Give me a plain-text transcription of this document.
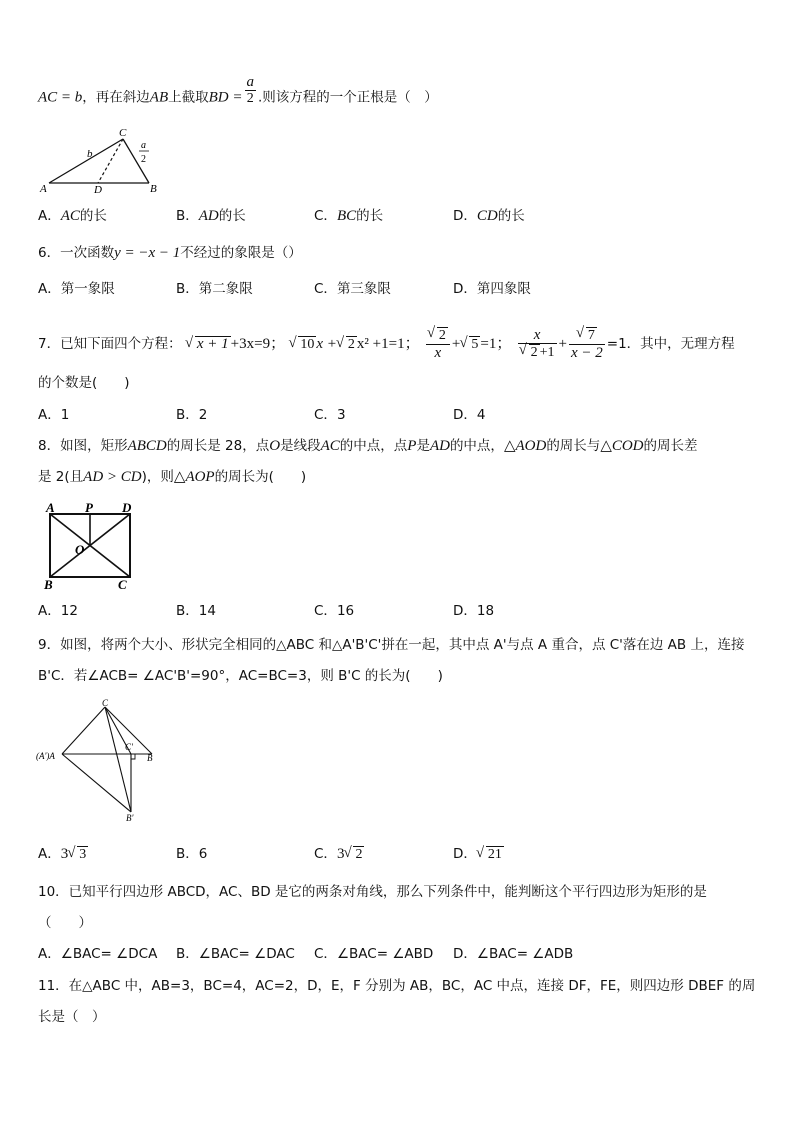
AC = b，再在斜边AB上截取BD = $\frac{a}{2}$ .则该方程的一个正根是（　）
A	D	B
C
b
a
2
A．AC的长	B．AD的长	C．BC的长	D．CD的长
6．一次函数y = −x − 1不经过的象限是（）
A．第一象限	B．第二象限	C．第三象限	D．第四象限
7．已知下面四个方程： √ x + 1 +3x=9； √ 10 x + √ 2 x² +1=1； √ $\frac{2}{x}$ + √ 5 =1； x
√ 2 +1 + √ $\frac{7}{x - 2} =1$．其中，无理方程
的个数是(　　)
A．1	B．2	C．3	D．4
8．如图，矩形ABCD的周长是 28，点O是线段AC的中点，点P是AD的中点，△AOD的周长与△COD的周长差
是 2(且AD > CD)，则△AOP的周长为(　　)
A P D
O
B	C
A．12	B．14	C．16	D．18
9．如图，将两个大小、形状完全相同的△ABC 和△A'B'C'拼在一起，其中点 A'与点 A 重合，点 C'落在边 AB 上，连接
B'C．若∠ACB= ∠AC'B'=90°，AC=BC=3，则 B'C 的长为(　　)
C
(A')A
C'
B
B'
A．3 √ 3	B．6	C．3 √ 2	D． √ 21
10．已知平行四边形 ABCD，AC、BD 是它的两条对角线，那么下列条件中，能判断这个平行四边形为矩形的是
（　　）
A．∠BAC= ∠DCA B．∠BAC= ∠DAC C．∠BAC= ∠ABD D．∠BAC= ∠ADB
11．在△ABC 中，AB=3，BC=4，AC=2，D，E，F 分别为 AB，BC，AC 中点，连接 DF，FE，则四边形 DBEF 的周
长是（　）
